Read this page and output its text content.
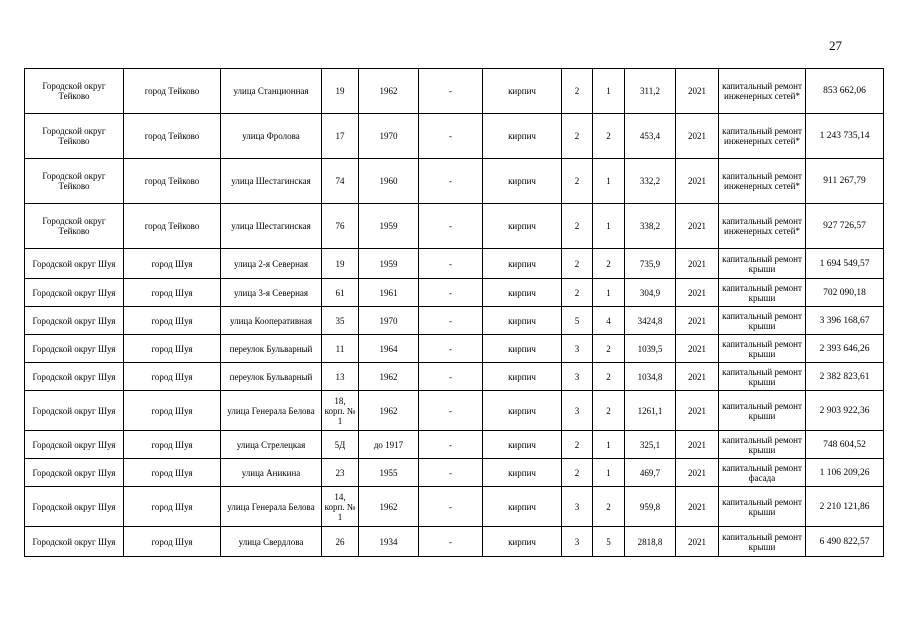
27
Городской округ Тейково	город Тейково	улица Станционная	19	1962	-	кирпич	2	1	311,2	2021	капитальный ремонт инженерных сетей*	853 662,06
Городской округ Тейково	город Тейково	улица Фролова	17	1970	-	кирпич	2	2	453,4	2021	капитальный ремонт инженерных сетей*	1 243 735,14
Городской округ Тейково	город Тейково	улица Шестагинская	74	1960	-	кирпич	2	1	332,2	2021	капитальный ремонт инженерных сетей*	911 267,79
Городской округ Тейково	город Тейково	улица Шестагинская	76	1959	-	кирпич	2	1	338,2	2021	капитальный ремонт инженерных сетей*	927 726,57
Городской округ Шуя	город Шуя	улица 2-я Северная	19	1959	-	кирпич	2	2	735,9	2021	капитальный ремонт крыши	1 694 549,57
Городской округ Шуя	город Шуя	улица 3-я Северная	61	1961	-	кирпич	2	1	304,9	2021	капитальный ремонт крыши	702 090,18
Городской округ Шуя	город Шуя	улица Кооперативная	35	1970	-	кирпич	5	4	3424,8	2021	капитальный ремонт крыши	3 396 168,67
Городской округ Шуя	город Шуя	переулок Бульварный	11	1964	-	кирпич	3	2	1039,5	2021	капитальный ремонт крыши	2 393 646,26
Городской округ Шуя	город Шуя	переулок Бульварный	13	1962	-	кирпич	3	2	1034,8	2021	капитальный ремонт крыши	2 382 823,61
Городской округ Шуя	город Шуя	улица Генерала Белова	18, корп. № 1	1962	-	кирпич	3	2	1261,1	2021	капитальный ремонт крыши	2 903 922,36
Городской округ Шуя	город Шуя	улица Стрелецкая	5Д	до 1917	-	кирпич	2	1	325,1	2021	капитальный ремонт крыши	748 604,52
Городской округ Шуя	город Шуя	улица Аникина	23	1955	-	кирпич	2	1	469,7	2021	капитальный ремонт фасада	1 106 209,26
Городской округ Шуя	город Шуя	улица Генерала Белова	14, корп. № 1	1962	-	кирпич	3	2	959,8	2021	капитальный ремонт крыши	2 210 121,86
Городской округ Шуя	город Шуя	улица Свердлова	26	1934	-	кирпич	3	5	2818,8	2021	капитальный ремонт крыши	6 490 822,57
